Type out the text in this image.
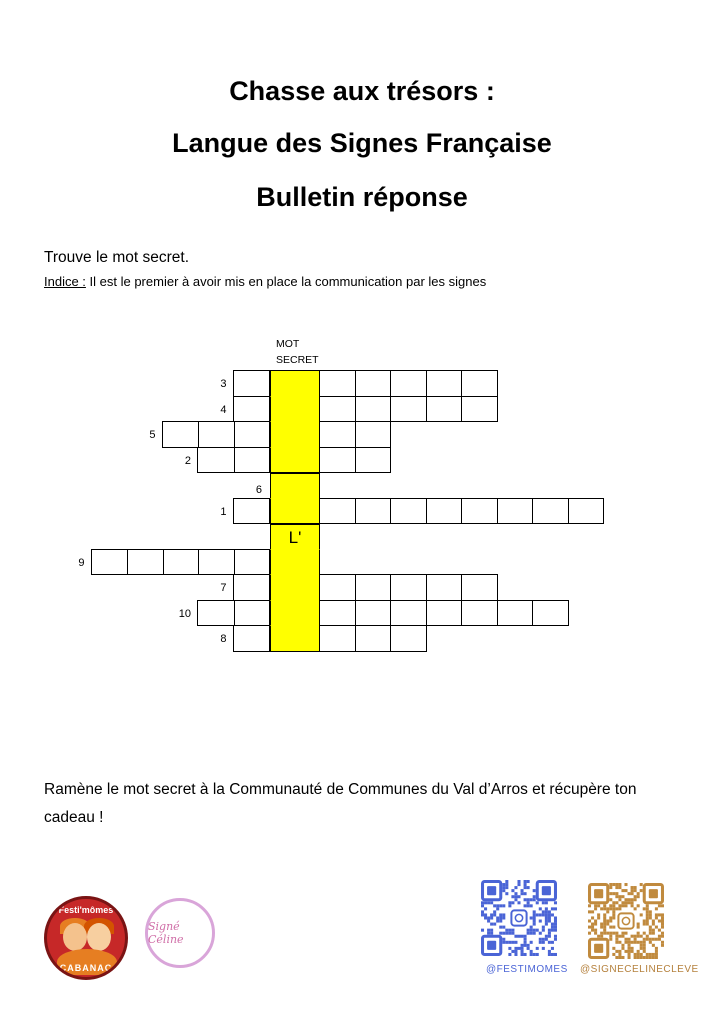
Chasse aux trésors :
Langue des Signes Française
Bulletin réponse
Trouve le mot secret.
Indice : Il est le premier à avoir mis en place la communication par les signes
MOT
SECRET
3
4
5
2
6
1
L'
9
7
10
8
Ramène le mot secret à la Communauté de Communes du Val d’Arros et récupère ton cadeau !
Festi'mômes
CABANAC
Signé Céline
@FESTIMOMES @SIGNECELINECLEVE
